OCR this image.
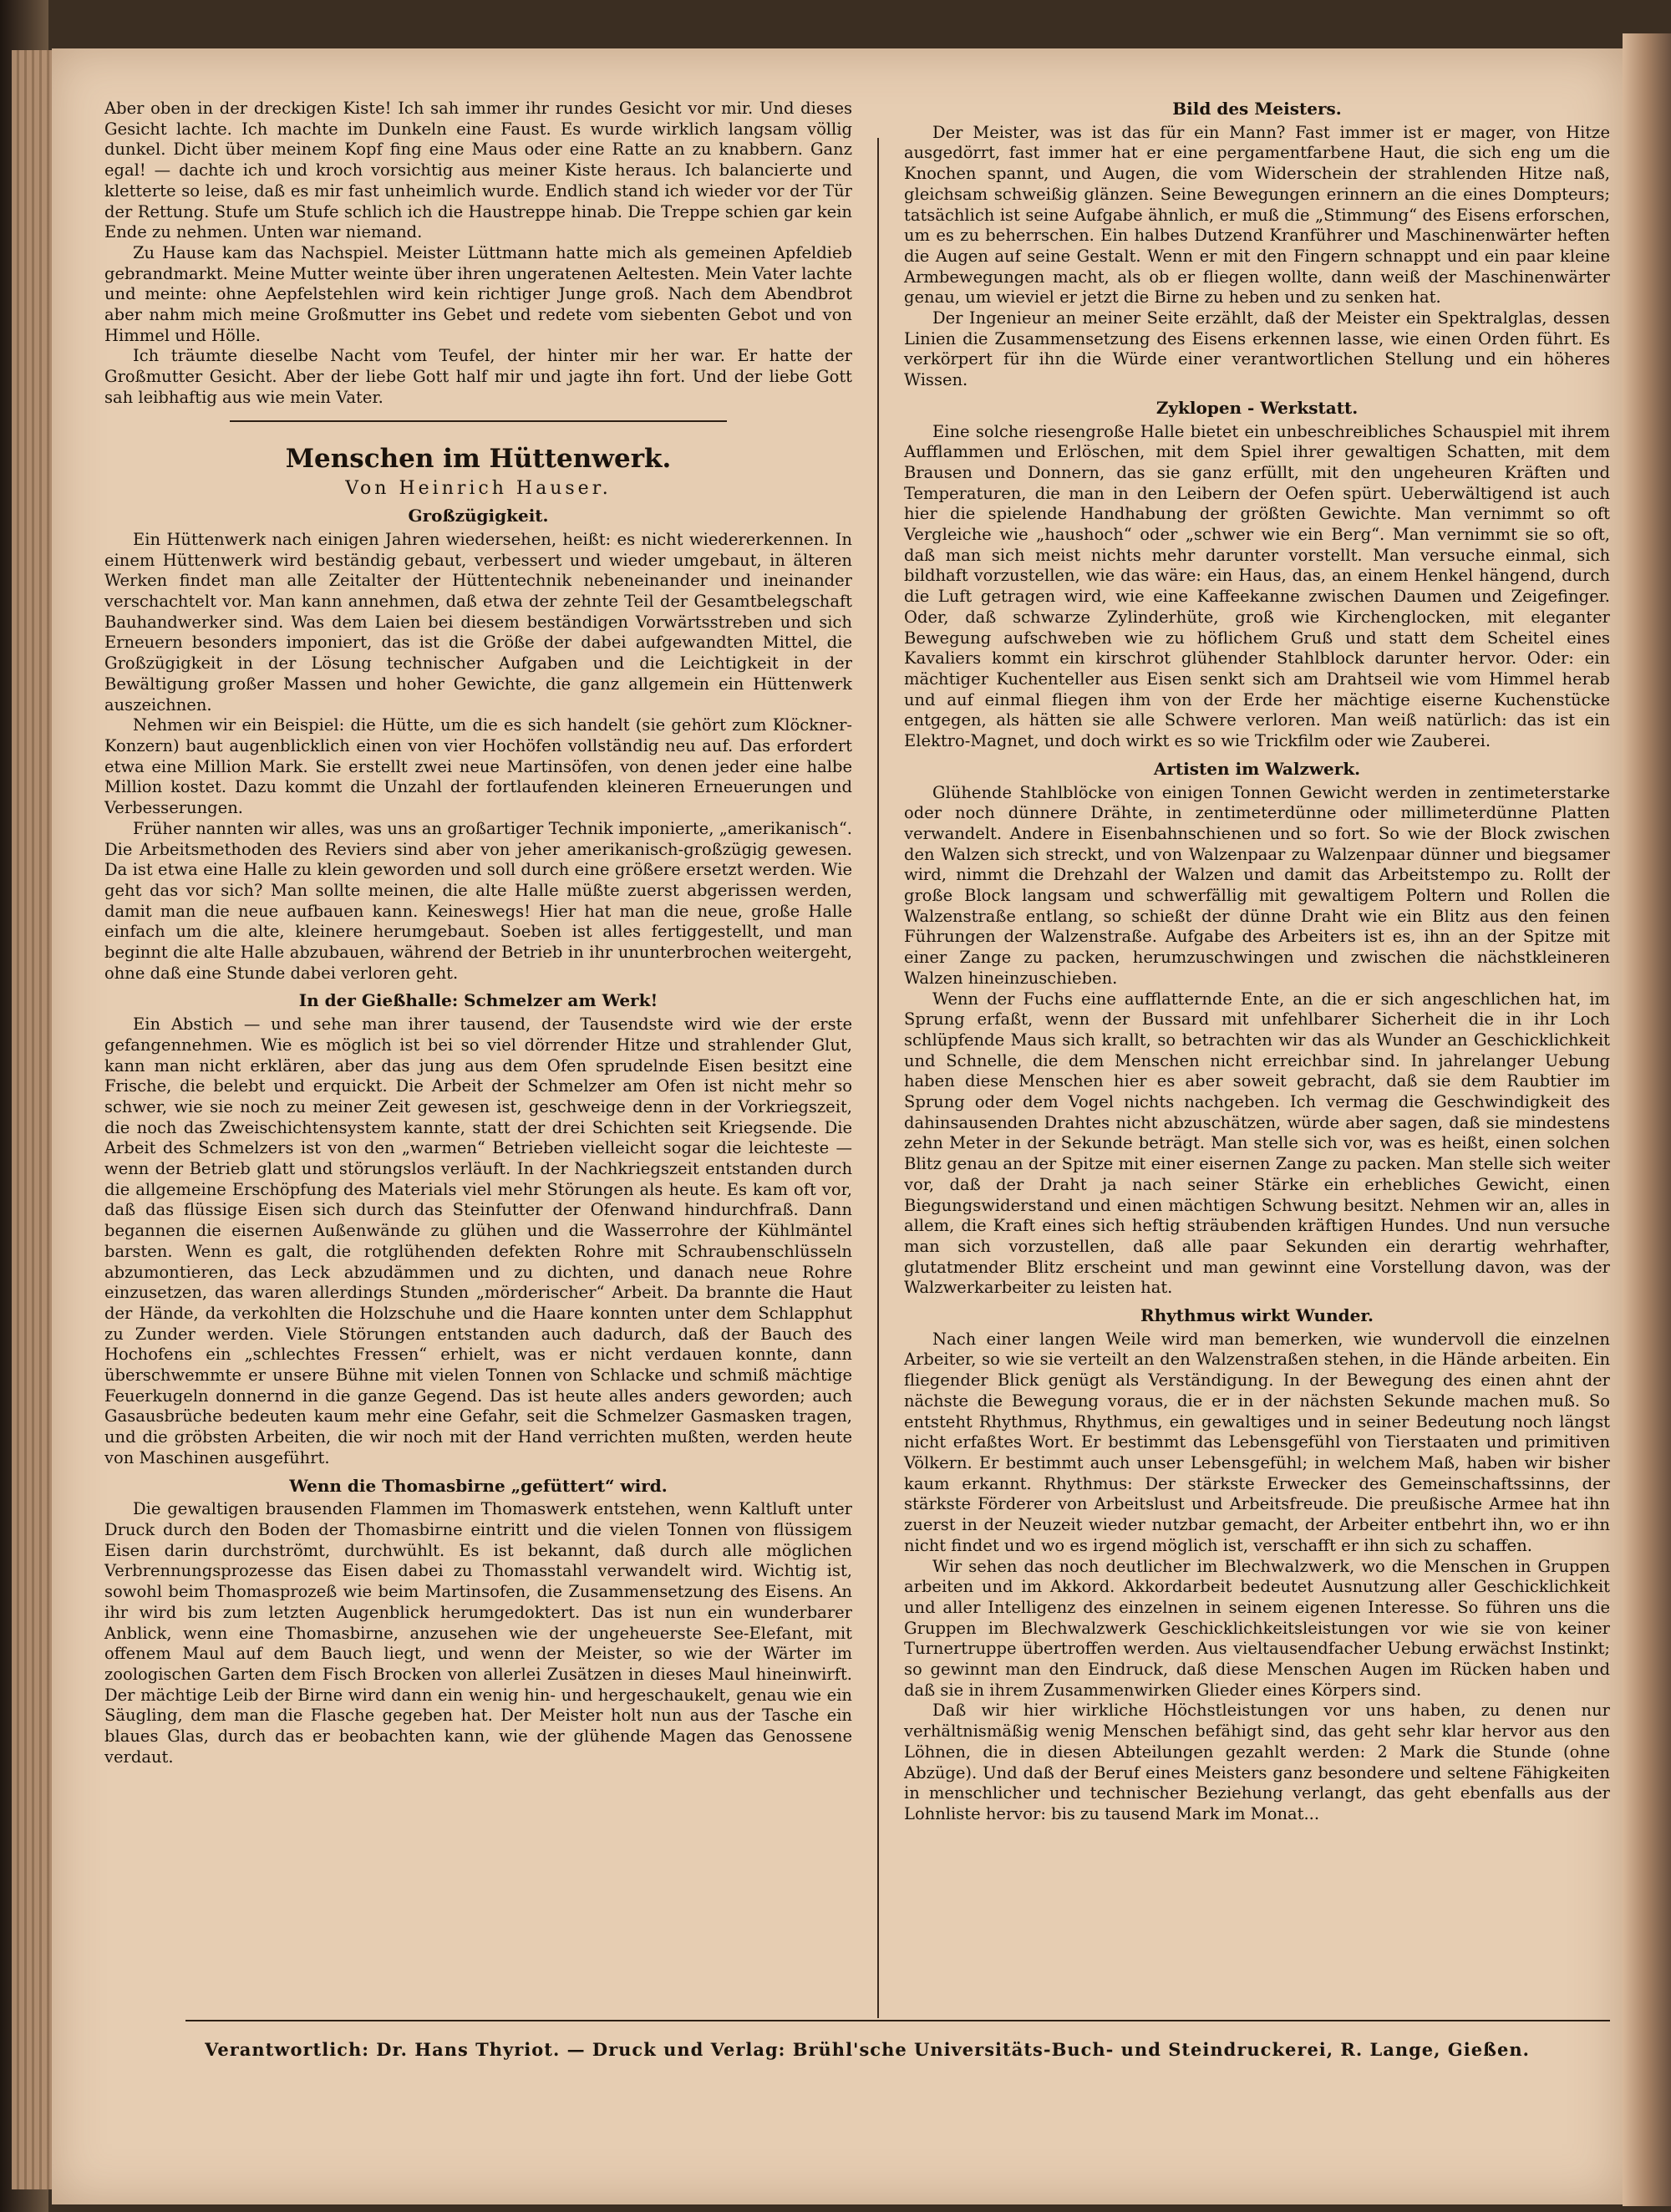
Aber oben in der dreckigen Kiste! Ich sah immer ihr rundes Gesicht vor mir. Und dieses Gesicht lachte. Ich machte im Dunkeln eine Faust. Es wurde wirklich langsam völlig dunkel. Dicht über meinem Kopf fing eine Maus oder eine Ratte an zu knabbern. Ganz egal! — dachte ich und kroch vorsichtig aus meiner Kiste heraus. Ich balancierte und kletterte so leise, daß es mir fast unheimlich wurde. Endlich stand ich wieder vor der Tür der Rettung. Stufe um Stufe schlich ich die Haustreppe hinab. Die Treppe schien gar kein Ende zu nehmen. Unten war niemand.

Zu Hause kam das Nachspiel. Meister Lüttmann hatte mich als gemeinen Apfeldieb gebrandmarkt. Meine Mutter weinte über ihren ungeratenen Aeltesten. Mein Vater lachte und meinte: ohne Aepfelstehlen wird kein richtiger Junge groß. Nach dem Abendbrot aber nahm mich meine Großmutter ins Gebet und redete vom siebenten Gebot und von Himmel und Hölle.

Ich träumte dieselbe Nacht vom Teufel, der hinter mir her war. Er hatte der Großmutter Gesicht. Aber der liebe Gott half mir und jagte ihn fort. Und der liebe Gott sah leibhaftig aus wie mein Vater.

Menschen im Hüttenwerk.
Von Heinrich Hauser.
Großzügigkeit.

Ein Hüttenwerk nach einigen Jahren wiedersehen, heißt: es nicht wiedererkennen. In einem Hüttenwerk wird beständig gebaut, verbessert und wieder umgebaut, in älteren Werken findet man alle Zeitalter der Hüttentechnik nebeneinander und ineinander verschachtelt vor. Man kann annehmen, daß etwa der zehnte Teil der Gesamtbelegschaft Bauhandwerker sind. Was dem Laien bei diesem beständigen Vorwärtsstreben und sich Erneuern besonders imponiert, das ist die Größe der dabei aufgewandten Mittel, die Großzügigkeit in der Lösung technischer Aufgaben und die Leichtigkeit in der Bewältigung großer Massen und hoher Gewichte, die ganz allgemein ein Hüttenwerk auszeichnen.

Nehmen wir ein Beispiel: die Hütte, um die es sich handelt (sie gehört zum Klöckner-Konzern) baut augenblicklich einen von vier Hochöfen vollständig neu auf. Das erfordert etwa eine Million Mark. Sie erstellt zwei neue Martinsöfen, von denen jeder eine halbe Million kostet. Dazu kommt die Unzahl der fortlaufenden kleineren Erneuerungen und Verbesserungen.

Früher nannten wir alles, was uns an großartiger Technik imponierte, „amerikanisch“. Die Arbeitsmethoden des Reviers sind aber von jeher amerikanisch-großzügig gewesen. Da ist etwa eine Halle zu klein geworden und soll durch eine größere ersetzt werden. Wie geht das vor sich? Man sollte meinen, die alte Halle müßte zuerst abgerissen werden, damit man die neue aufbauen kann. Keineswegs! Hier hat man die neue, große Halle einfach um die alte, kleinere herumgebaut. Soeben ist alles fertiggestellt, und man beginnt die alte Halle abzubauen, während der Betrieb in ihr ununterbrochen weitergeht, ohne daß eine Stunde dabei verloren geht.

In der Gießhalle: Schmelzer am Werk!

Ein Abstich — und sehe man ihrer tausend, der Tausendste wird wie der erste gefangennehmen. Wie es möglich ist bei so viel dörrender Hitze und strahlender Glut, kann man nicht erklären, aber das jung aus dem Ofen sprudelnde Eisen besitzt eine Frische, die belebt und erquickt. Die Arbeit der Schmelzer am Ofen ist nicht mehr so schwer, wie sie noch zu meiner Zeit gewesen ist, geschweige denn in der Vorkriegszeit, die noch das Zweischichtensystem kannte, statt der drei Schichten seit Kriegsende. Die Arbeit des Schmelzers ist von den „warmen“ Betrieben vielleicht sogar die leichteste — wenn der Betrieb glatt und störungslos verläuft. In der Nachkriegszeit entstanden durch die allgemeine Erschöpfung des Materials viel mehr Störungen als heute. Es kam oft vor, daß das flüssige Eisen sich durch das Steinfutter der Ofenwand hindurchfraß. Dann begannen die eisernen Außenwände zu glühen und die Wasserrohre der Kühlmäntel barsten. Wenn es galt, die rotglühenden defekten Rohre mit Schraubenschlüsseln abzumontieren, das Leck abzudämmen und zu dichten, und danach neue Rohre einzusetzen, das waren allerdings Stunden „mörderischer“ Arbeit. Da brannte die Haut der Hände, da verkohlten die Holzschuhe und die Haare konnten unter dem Schlapphut zu Zunder werden. Viele Störungen entstanden auch dadurch, daß der Bauch des Hochofens ein „schlechtes Fressen“ erhielt, was er nicht verdauen konnte, dann überschwemmte er unsere Bühne mit vielen Tonnen von Schlacke und schmiß mächtige Feuerkugeln donnernd in die ganze Gegend. Das ist heute alles anders geworden; auch Gasausbrüche bedeuten kaum mehr eine Gefahr, seit die Schmelzer Gasmasken tragen, und die gröbsten Arbeiten, die wir noch mit der Hand verrichten mußten, werden heute von Maschinen ausgeführt.

Wenn die Thomasbirne „gefüttert“ wird.

Die gewaltigen brausenden Flammen im Thomaswerk entstehen, wenn Kaltluft unter Druck durch den Boden der Thomasbirne eintritt und die vielen Tonnen von flüssigem Eisen darin durchströmt, durchwühlt. Es ist bekannt, daß durch alle möglichen Verbrennungsprozesse das Eisen dabei zu Thomasstahl verwandelt wird. Wichtig ist, sowohl beim Thomasprozeß wie beim Martinsofen, die Zusammensetzung des Eisens. An ihr wird bis zum letzten Augenblick herumgedoktert. Das ist nun ein wunderbarer Anblick, wenn eine Thomasbirne, anzusehen wie der ungeheuerste See-Elefant, mit offenem Maul auf dem Bauch liegt, und wenn der Meister, so wie der Wärter im zoologischen Garten dem Fisch Brocken von allerlei Zusätzen in dieses Maul hineinwirft. Der mächtige Leib der Birne wird dann ein wenig hin- und hergeschaukelt, genau wie ein Säugling, dem man die Flasche gegeben hat. Der Meister holt nun aus der Tasche ein blaues Glas, durch das er beobachten kann, wie der glühende Magen das Genossene verdaut.

Bild des Meisters.

Der Meister, was ist das für ein Mann? Fast immer ist er mager, von Hitze ausgedörrt, fast immer hat er eine pergamentfarbene Haut, die sich eng um die Knochen spannt, und Augen, die vom Widerschein der strahlenden Hitze naß, gleichsam schweißig glänzen. Seine Bewegungen erinnern an die eines Dompteurs; tatsächlich ist seine Aufgabe ähnlich, er muß die „Stimmung“ des Eisens erforschen, um es zu beherrschen. Ein halbes Dutzend Kranführer und Maschinenwärter heften die Augen auf seine Gestalt. Wenn er mit den Fingern schnappt und ein paar kleine Armbewegungen macht, als ob er fliegen wollte, dann weiß der Maschinenwärter genau, um wieviel er jetzt die Birne zu heben und zu senken hat.

Der Ingenieur an meiner Seite erzählt, daß der Meister ein Spektralglas, dessen Linien die Zusammensetzung des Eisens erkennen lasse, wie einen Orden führt. Es verkörpert für ihn die Würde einer verantwortlichen Stellung und ein höheres Wissen.

Zyklopen - Werkstatt.

Eine solche riesengroße Halle bietet ein unbeschreibliches Schauspiel mit ihrem Aufflammen und Erlöschen, mit dem Spiel ihrer gewaltigen Schatten, mit dem Brausen und Donnern, das sie ganz erfüllt, mit den ungeheuren Kräften und Temperaturen, die man in den Leibern der Oefen spürt. Ueberwältigend ist auch hier die spielende Handhabung der größten Gewichte. Man vernimmt so oft Vergleiche wie „haushoch“ oder „schwer wie ein Berg“. Man vernimmt sie so oft, daß man sich meist nichts mehr darunter vorstellt. Man versuche einmal, sich bildhaft vorzustellen, wie das wäre: ein Haus, das, an einem Henkel hängend, durch die Luft getragen wird, wie eine Kaffeekanne zwischen Daumen und Zeigefinger. Oder, daß schwarze Zylinderhüte, groß wie Kirchenglocken, mit eleganter Bewegung aufschweben wie zu höflichem Gruß und statt dem Scheitel eines Kavaliers kommt ein kirschrot glühender Stahlblock darunter hervor. Oder: ein mächtiger Kuchenteller aus Eisen senkt sich am Drahtseil wie vom Himmel herab und auf einmal fliegen ihm von der Erde her mächtige eiserne Kuchenstücke entgegen, als hätten sie alle Schwere verloren. Man weiß natürlich: das ist ein Elektro-Magnet, und doch wirkt es so wie Trickfilm oder wie Zauberei.

Artisten im Walzwerk.

Glühende Stahlblöcke von einigen Tonnen Gewicht werden in zentimeterstarke oder noch dünnere Drähte, in zentimeterdünne oder millimeterdünne Platten verwandelt. Andere in Eisenbahnschienen und so fort. So wie der Block zwischen den Walzen sich streckt, und von Walzenpaar zu Walzenpaar dünner und biegsamer wird, nimmt die Drehzahl der Walzen und damit das Arbeitstempo zu. Rollt der große Block langsam und schwerfällig mit gewaltigem Poltern und Rollen die Walzenstraße entlang, so schießt der dünne Draht wie ein Blitz aus den feinen Führungen der Walzenstraße. Aufgabe des Arbeiters ist es, ihn an der Spitze mit einer Zange zu packen, herumzuschwingen und zwischen die nächstkleineren Walzen hineinzuschieben.

Wenn der Fuchs eine aufflatternde Ente, an die er sich angeschlichen hat, im Sprung erfaßt, wenn der Bussard mit unfehlbarer Sicherheit die in ihr Loch schlüpfende Maus sich krallt, so betrachten wir das als Wunder an Geschicklichkeit und Schnelle, die dem Menschen nicht erreichbar sind. In jahrelanger Uebung haben diese Menschen hier es aber soweit gebracht, daß sie dem Raubtier im Sprung oder dem Vogel nichts nachgeben. Ich vermag die Geschwindigkeit des dahinsausenden Drahtes nicht abzuschätzen, würde aber sagen, daß sie mindestens zehn Meter in der Sekunde beträgt. Man stelle sich vor, was es heißt, einen solchen Blitz genau an der Spitze mit einer eisernen Zange zu packen. Man stelle sich weiter vor, daß der Draht ja nach seiner Stärke ein erhebliches Gewicht, einen Biegungswiderstand und einen mächtigen Schwung besitzt. Nehmen wir an, alles in allem, die Kraft eines sich heftig sträubenden kräftigen Hundes. Und nun versuche man sich vorzustellen, daß alle paar Sekunden ein derartig wehrhafter, glutatmender Blitz erscheint und man gewinnt eine Vorstellung davon, was der Walzwerkarbeiter zu leisten hat.

Rhythmus wirkt Wunder.

Nach einer langen Weile wird man bemerken, wie wundervoll die einzelnen Arbeiter, so wie sie verteilt an den Walzenstraßen stehen, in die Hände arbeiten. Ein fliegender Blick genügt als Verständigung. In der Bewegung des einen ahnt der nächste die Bewegung voraus, die er in der nächsten Sekunde machen muß. So entsteht Rhythmus, Rhythmus, ein gewaltiges und in seiner Bedeutung noch längst nicht erfaßtes Wort. Er bestimmt das Lebensgefühl von Tierstaaten und primitiven Völkern. Er bestimmt auch unser Lebensgefühl; in welchem Maß, haben wir bisher kaum erkannt. Rhythmus: Der stärkste Erwecker des Gemeinschaftssinns, der stärkste Förderer von Arbeitslust und Arbeitsfreude. Die preußische Armee hat ihn zuerst in der Neuzeit wieder nutzbar gemacht, der Arbeiter entbehrt ihn, wo er ihn nicht findet und wo es irgend möglich ist, verschafft er ihn sich zu schaffen.

Wir sehen das noch deutlicher im Blechwalzwerk, wo die Menschen in Gruppen arbeiten und im Akkord. Akkordarbeit bedeutet Ausnutzung aller Geschicklichkeit und aller Intelligenz des einzelnen in seinem eigenen Interesse. So führen uns die Gruppen im Blechwalzwerk Geschicklichkeitsleistungen vor wie sie von keiner Turnertruppe übertroffen werden. Aus vieltausendfacher Uebung erwächst Instinkt; so gewinnt man den Eindruck, daß diese Menschen Augen im Rücken haben und daß sie in ihrem Zusammenwirken Glieder eines Körpers sind.

Daß wir hier wirkliche Höchstleistungen vor uns haben, zu denen nur verhältnismäßig wenig Menschen befähigt sind, das geht sehr klar hervor aus den Löhnen, die in diesen Abteilungen gezahlt werden: 2 Mark die Stunde (ohne Abzüge). Und daß der Beruf eines Meisters ganz besondere und seltene Fähigkeiten in menschlicher und technischer Beziehung verlangt, das geht ebenfalls aus der Lohnliste hervor: bis zu tausend Mark im Monat...

Verantwortlich: Dr. Hans Thyriot. — Druck und Verlag: Brühl'sche Universitäts-Buch- und Steindruckerei, R. Lange, Gießen.
